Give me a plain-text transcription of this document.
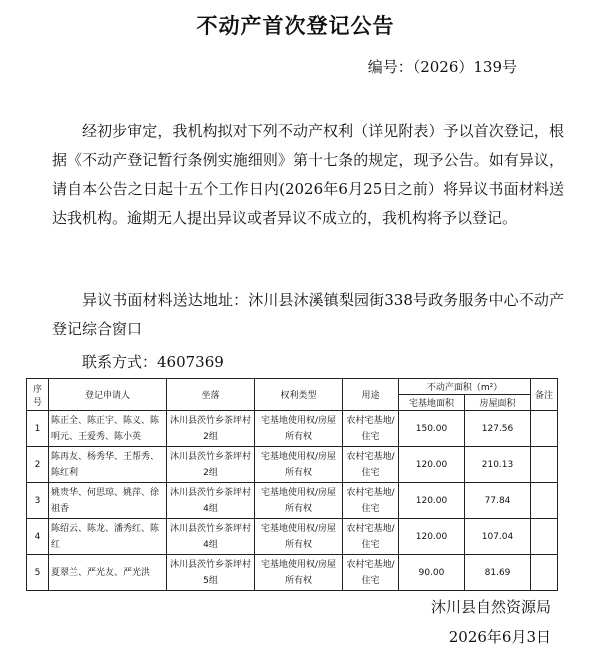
不动产首次登记公告
编号：（2026）139号

经初步审定，我机构拟对下列不动产权利（详见附表）予以首次登记，根据《不动产登记暂行条例实施细则》第十七条的规定，现予公告。如有异议，请自本公告之日起十五个工作日内(2026年6月25日之前）将异议书面材料送达我机构。逾期无人提出异议或者异议不成立的，我机构将予以登记。

异议书面材料送达地址：沐川县沐溪镇梨园街338号政务服务中心不动产登记综合窗口

联系方式：4607369

序号	登记申请人	坐落	权利类型	用途	不动产面积（m²）		备注
					宅基地面积	房屋面积	
1	陈正全、陈正宇、陈义、陈明元、王爱秀、陈小英	沐川县茨竹乡茶坪村2组	宅基地使用权/房屋所有权	农村宅基地/住宅	150.00	127.56	
2	陈再友、杨秀华、王帮秀、陈红利	沐川县茨竹乡茶坪村2组	宅基地使用权/房屋所有权	农村宅基地/住宅	120.00	210.13	
3	姚贵华、何思琼、姚萍、徐祖香	沐川县茨竹乡茶坪村4组	宅基地使用权/房屋所有权	农村宅基地/住宅	120.00	77.84	
4	陈绍云、陈龙、潘秀红、陈红	沐川县茨竹乡茶坪村4组	宅基地使用权/房屋所有权	农村宅基地/住宅	120.00	107.04	
5	夏翠兰、严光友、严光洪	沐川县茨竹乡茶坪村5组	宅基地使用权/房屋所有权	农村宅基地/住宅	90.00	81.69	
沐川县自然资源局
2026年6月3日
